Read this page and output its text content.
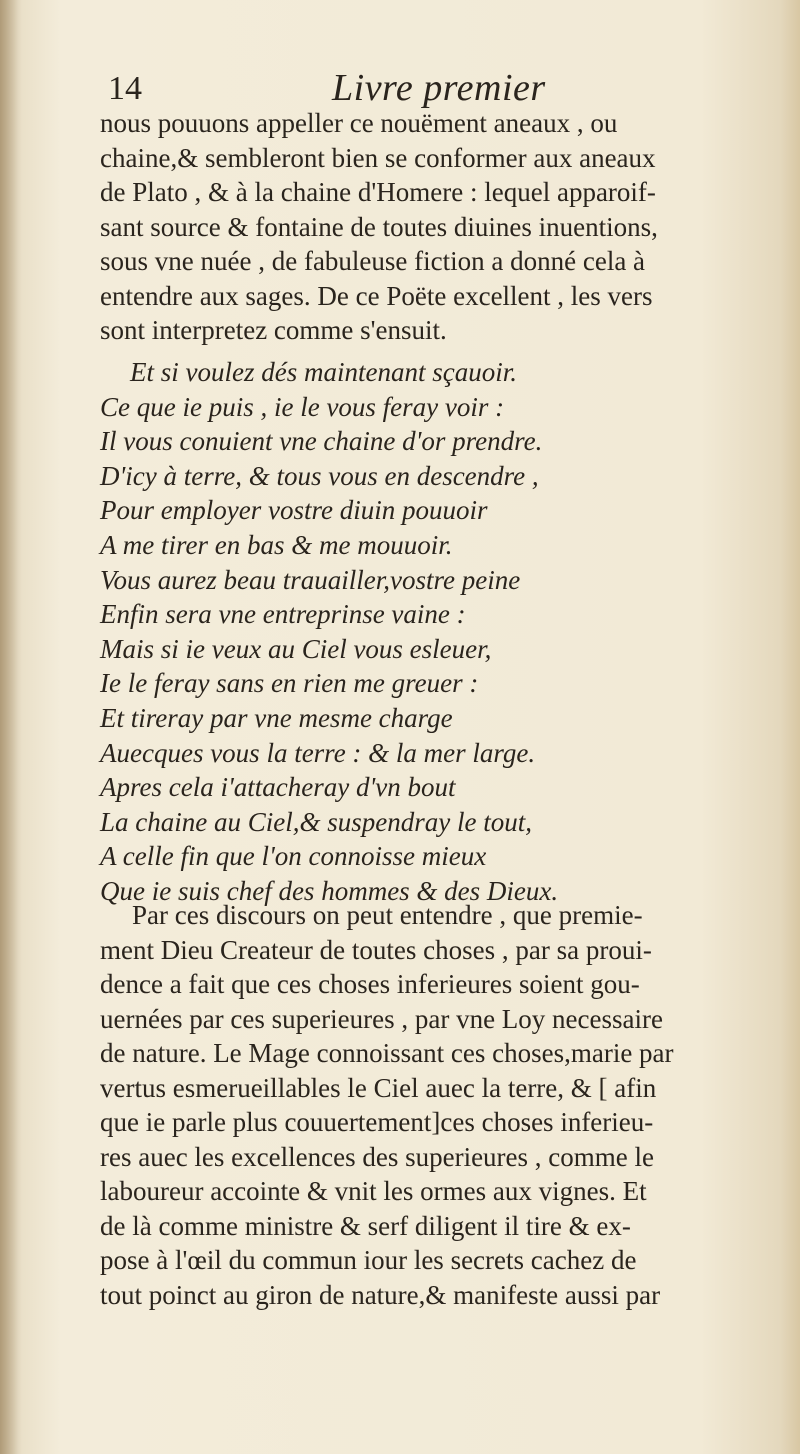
14	Livre premier
nous pouuons appeller ce nouëment aneaux , ou
chaine,& sembleront bien se conformer aux aneaux
de Plato , & à la chaine d'Homere : lequel apparoif-
sant source & fontaine de toutes diuines inuentions,
sous vne nuée , de fabuleuse fiction a donné cela à
entendre aux sages. De ce Poëte excellent , les vers
sont interpretez comme s'ensuit.
Et si voulez dés maintenant sçauoir.
Ce que ie puis , ie le vous feray voir :
Il vous conuient vne chaine d'or prendre.
D'icy à terre, & tous vous en descendre ,
Pour employer vostre diuin pouuoir
A me tirer en bas & me mouuoir.
Vous aurez beau trauailler,vostre peine
Enfin sera vne entreprinse vaine :
Mais si ie veux au Ciel vous esleuer,
Ie le feray sans en rien me greuer :
Et tireray par vne mesme charge
Auecques vous la terre : & la mer large.
Apres cela i'attacheray d'vn bout
La chaine au Ciel,& suspendray le tout,
A celle fin que l'on connoisse mieux
Que ie suis chef des hommes & des Dieux.
Par ces discours on peut entendre , que premie-
ment Dieu Createur de toutes choses , par sa proui-
dence a fait que ces choses inferieures soient gou-
uernées par ces superieures , par vne Loy necessaire
de nature. Le Mage connoissant ces choses,marie par
vertus esmerueillables le Ciel auec la terre, & [ afin
que ie parle plus couuertement]ces choses inferieu-
res auec les excellences des superieures , comme le
laboureur accointe & vnit les ormes aux vignes. Et
de là comme ministre & serf diligent il tire & ex-
pose à l'œil du commun iour les secrets cachez de
tout poinct au giron de nature,& manifeste aussi par
